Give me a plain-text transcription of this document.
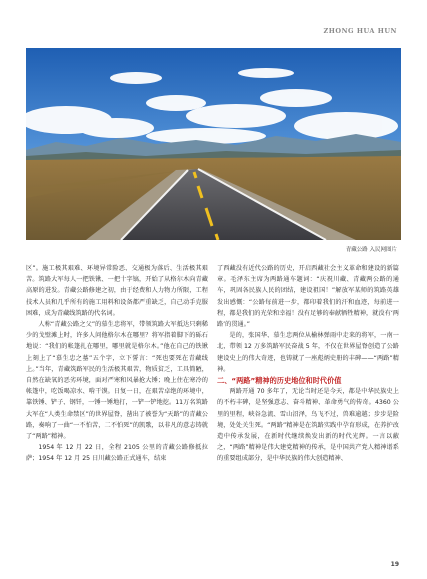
ZHONG HUA HUN
青藏公路 入民网图片

区”。施工极其艰难、环境异常险恶、交通极为落后、生活极其艰苦。筑路大军每人一把铁锹、一把十字镐，开始了从格尔木向青藏高原的进发。青藏公路修建之初，由于经费和人力物力所限，工程技术人员和几乎所有的施工用料和设备都严重缺乏，自己动手克服困难，成为青藏线筑路的代名词。

人称“青藏公路之父”的慕生忠将军，带领筑路大军抵达只剩稀少的戈壁滩上时，许多人问他格尔木在哪里？将军指着脚下的砾石地说：“我们的帐篷扎在哪里，哪里就是格尔木。”他在自己的铁锹上刻上了“慕生忠之墓”五个字，立下誓言：“死也要死在青藏线上。”当年，青藏筑路军民的生活极其艰苦，物质贫乏，工具简陋，自然在缺氧的恶劣环境，面对严寒和风暴抢大锤；晚上住在寒冷的帐篷中，吃饭喝凉水、啃干馍。日复一日，在艰苦卓绝的环境中，靠铁锤、铲子、钢钎，一锤一锤地打，一铲一铲地挖。11万名筑路大军在“人类生命禁区”的世界屋脊，凿出了被誉为“天路”的青藏公路，奏响了一曲“一不怕苦，二不怕死”的凯歌，以非凡的意志铸就了“两路”精神。

1954 年 12 月 22 日，全程 2105 公里的青藏公路修抵拉萨；1954 年 12 月 25 日川藏公路正式通车，结束

了西藏没有近代公路的历史，开启西藏社会主义革命和建设的新篇章。毛泽东主席为两路通车题词：“庆祝川藏、青藏两公路的通车，巩固各民族人民的团结，建设祖国！”解放军某师的筑路英雄发出感慨：“公路每前进一步，都印着我们的汗和血迹，每前进一程，都是我们的光荣和幸福！没有足够的奉献牺牲精神，就没有‘两路’的贯通。”

是的，张国华、慕生忠两位从榆林弹雨中走来的将军，一南一北，带领 12 万多筑路军民奋战 5 年，不仅在世界屋脊创造了公路建设史上的伟大奇迹，也铸就了一座彪炳史册的丰碑——“两路”精神。

二、“两路”精神的历史地位和时代价值

两路开通 70 多年了，无论当时还是今天，都是中华民族史上的不朽丰碑，是坚强意志、奋斗精神、革命勇气的传奇。4360 公里的里程，峡谷急流、雪山沼泽，鸟飞不过，兽难逾越；步步是险境，处处关生死。“两路”精神是在筑路实践中孕育形成，在养护改造中传承发展，在新时代继续焕发出新的时代光辉。一言以蔽之，“两路”精神是伟大建党精神的传承，是中国共产党人精神谱系的重要组成部分，是中华民族的伟大创造精神、

19
